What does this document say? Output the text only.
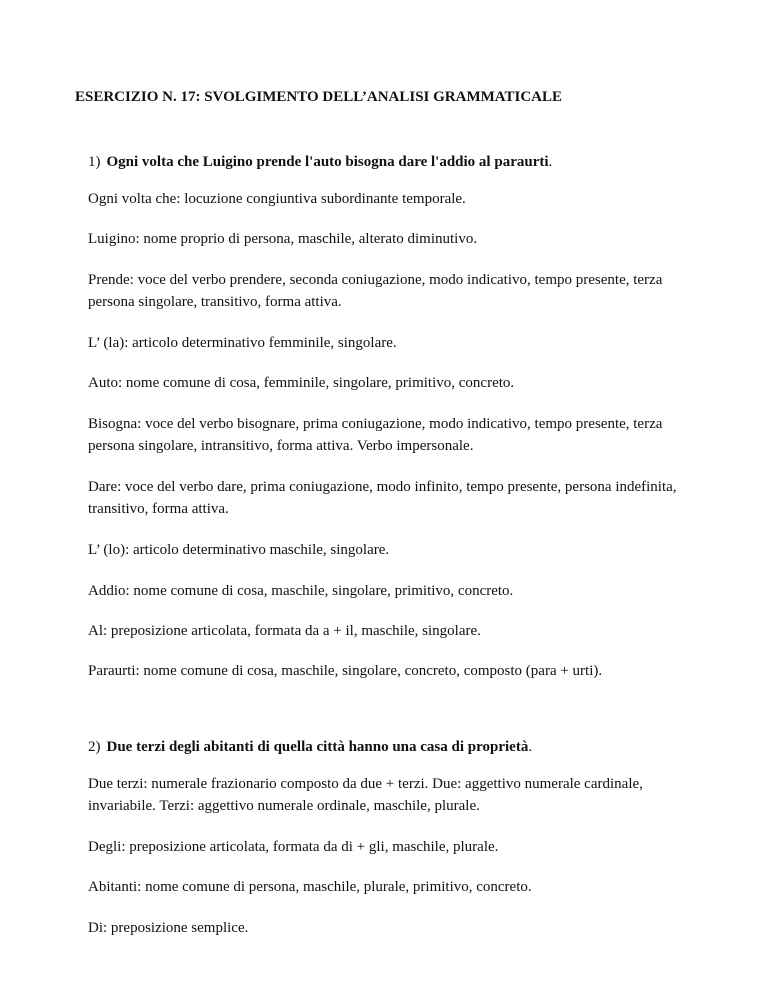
ESERCIZIO N. 17: SVOLGIMENTO DELL’ANALISI GRAMMATICALE

1) Ogni volta che Luigino prende l'auto bisogna dare l'addio al paraurti.

Ogni volta che: locuzione congiuntiva subordinante temporale.

Luigino: nome proprio di persona, maschile, alterato diminutivo.

Prende: voce del verbo prendere, seconda coniugazione, modo indicativo, tempo presente, terza persona singolare, transitivo, forma attiva.

L’ (la): articolo determinativo femminile, singolare.

Auto: nome comune di cosa, femminile, singolare, primitivo, concreto.

Bisogna: voce del verbo bisognare, prima coniugazione, modo indicativo, tempo presente, terza persona singolare, intransitivo, forma attiva. Verbo impersonale.

Dare: voce del verbo dare, prima coniugazione, modo infinito, tempo presente, persona indefinita, transitivo, forma attiva.

L’ (lo): articolo determinativo maschile, singolare.

Addio: nome comune di cosa, maschile, singolare, primitivo, concreto.

Al: preposizione articolata, formata da a + il, maschile, singolare.

Paraurti: nome comune di cosa, maschile, singolare, concreto, composto (para + urti).

2) Due terzi degli abitanti di quella città hanno una casa di proprietà.

Due terzi: numerale frazionario composto da due + terzi. Due: aggettivo numerale cardinale, invariabile. Terzi: aggettivo numerale ordinale, maschile, plurale.

Degli: preposizione articolata, formata da di + gli, maschile, plurale.

Abitanti: nome comune di persona, maschile, plurale, primitivo, concreto.

Di: preposizione semplice.
